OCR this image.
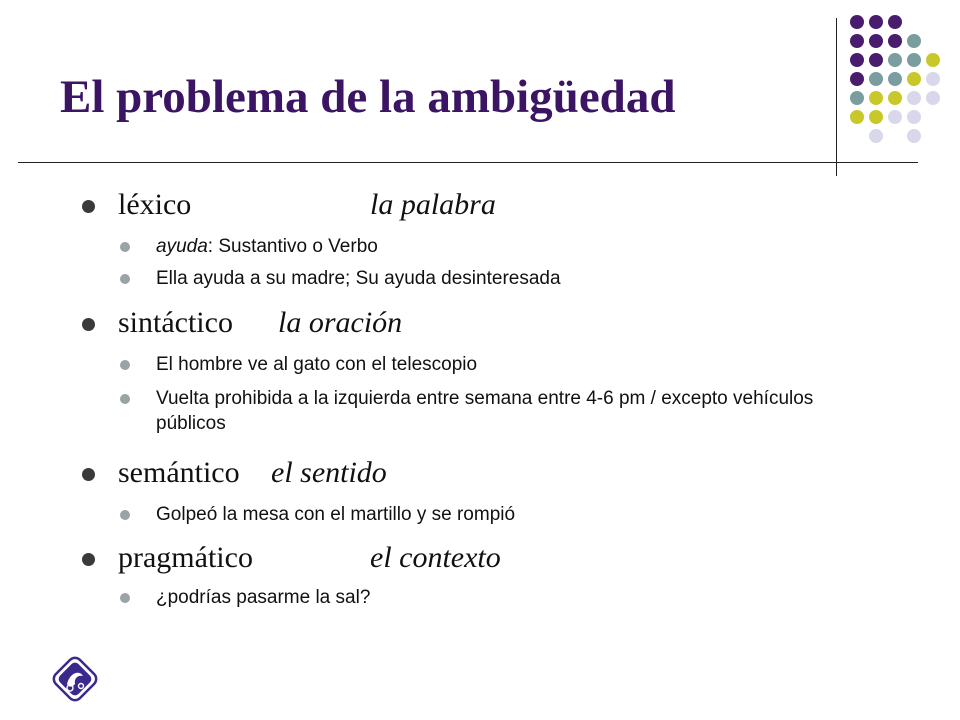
El problema de la ambigüedad
léxico	la palabra
ayuda: Sustantivo o Verbo
Ella ayuda a su madre; Su ayuda desinteresada
sintáctico la oración
El hombre ve al gato con el telescopio
Vuelta prohibida a la izquierda entre semana entre 4-6 pm / excepto vehículos públicos
semántico el sentido
Golpeó la mesa con el martillo y se rompió
pragmático	el contexto
¿podrías pasarme la sal?
